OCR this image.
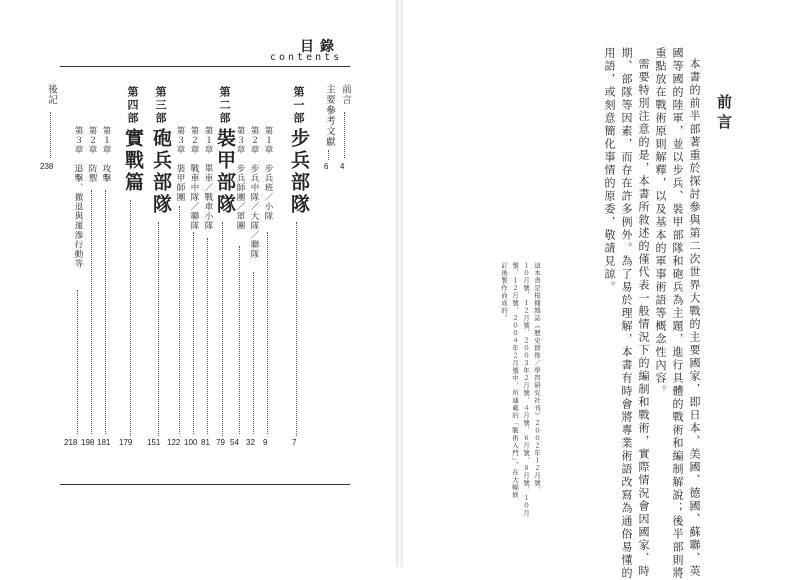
目錄
contents
前言
4
主要參考文獻
6
第一部
步兵部隊
7
第１章
步兵班／小隊
9
第２章
步兵中隊／大隊／聯隊
32
第３章
步兵師團／軍團
54
第二部
裝甲部隊
79
第１章
單車／戰車小隊
81
第２章
戰車中隊／聯隊
100
第３章
裝甲師團
122
第三部
砲兵部隊
151
第四部
實戰篇
179
第１章
攻擊
181
第２章
防禦
198
第３章
追擊、撤退與運滲行動等
218
後記
238
前言
本書的前半部著重於探討參與第二次世界大戰的主要國家，即日本、美國、德國、蘇聯、英
國等國的陸軍，並以步兵、裝甲部隊和砲兵為主題，進行具體的戰術和編制解說；後半部則將
重點放在戰術原則解釋，以及基本的軍事術語等概念性內容。
需要特別注意的是，本書所敘述的僅代表一般情況下的編制和戰術，實際情況會因國家、時
期、部隊等因素，而存在許多例外。為了易於理解，本書有時會將專業術語改寫為通俗易懂的
用語，或刻意簡化事情的原委，敬請見諒。
這本書是根據雜誌《歷史群像／學習研究社刊》２００２年１２月號、
１０月號、１２月號、２００３年２月號、４月號、６月號、８月號、１０月
號、１２月號、２００４年２月號中，所連載的「戰術入門」，在大幅修
訂後製作而成的。
